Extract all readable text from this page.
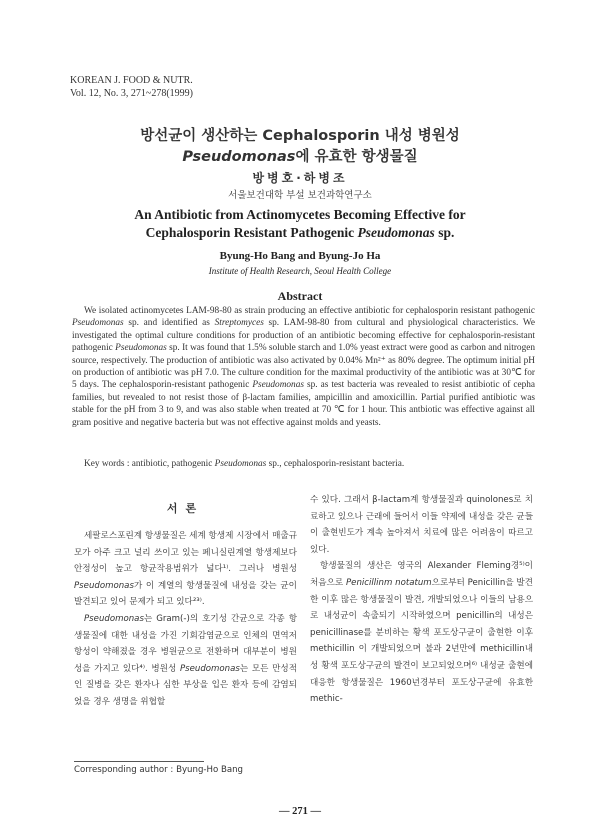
KOREAN J. FOOD & NUTR.
Vol. 12, No. 3, 271~278(1999)
방선균이 생산하는 Cephalosporin 내성 병원성
Pseudomonas에 유효한 항생물질
방병호·하병조
서울보건대학 부설 보건과학연구소
An Antibiotic from Actinomycetes Becoming Effective for
Cephalosporin Resistant Pathogenic Pseudomonas sp.
Byung-Ho Bang and Byung-Jo Ha
Institute of Health Research, Seoul Health College
Abstract

We isolated actinomycetes LAM-98-80 as strain producing an effective antibiotic for cephalosporin resistant pathogenic Pseudomonas sp. and identified as Streptomyces sp. LAM-98-80 from cultural and physiological characteristics. We investigated the optimal culture conditions for production of an antibiotic becoming effective for cephalosporin-resistant pathogenic Pseudomonas sp. It was found that 1.5% soluble starch and 1.0% yeast extract were good as carbon and nitrogen source, respectively. The production of antibiotic was also activated by 0.04% Mn²⁺ as 80% degree. The optimum initial pH on production of antibiotic was pH 7.0. The culture condition for the maximal productivity of the antibiotic was at 30℃ for 5 days. The cephalosporin-resistant pathogenic Pseudomonas sp. as test bacteria was revealed to resist antibiotic of cepha families, but revealed to not resist those of β-lactam families, ampicillin and amoxicillin. Partial purified antibiotic was stable for the pH from 3 to 9, and was also stable when treated at 70 ℃ for 1 hour. This antbiotic was effective against all gram positive and negative bacteria but was not effective against molds and yeasts.

Key words : antibiotic, pathogenic Pseudomonas sp., cephalosporin-resistant bacteria.
서론

세팔로스포린계 항생물질은 세계 항생제 시장에서 매출규모가 아주 크고 널리 쓰이고 있는 페니실린계열 항생제보다 안정성이 높고 항균작용범위가 넓다¹⁾. 그러나 병원성 Pseudomonas가 이 계열의 항생물질에 내성을 갖는 균이 발견되고 있어 문제가 되고 있다²³⁾.

Pseudomonas는 Gram(-)의 호기성 간균으로 각종 항생물질에 대한 내성을 가진 기회감염균으로 인체의 면역저항성이 약해졌을 경우 병원균으로 전환하며 대부분이 병원성을 가지고 있다⁴⁾. 병원성 Pseudomonas는 모든 만성적인 질병을 갖은 환자나 심한 부상을 입은 환자 등에 감염되었을 경우 생명을 위협할

수 있다. 그래서 β-lactam계 항생물질과 quinolones로 치료하고 있으나 근래에 들어서 이들 약제에 내성을 갖은 균들이 출현빈도가 계속 높아져서 치료에 많은 어려움이 따르고 있다.

항생물질의 생산은 영국의 Alexander Fleming경⁵⁾이 처음으로 Penicillinm notatum으로부터 Penicillin을 발견한 이후 많은 항생물질이 발견, 개발되었으나 이들의 남용으로 내성균이 속출되기 시작하였으며 penicillin의 내성은 penicillinase를 분비하는 황색 포도상구균이 출현한 이후 methicillin 이 개발되었으며 불과 2년만에 methicillin내성 황색 포도상구균의 발견이 보고되었으며⁶⁾ 내성균 출현에 대응한 항생물질은 1960년경부터 포도상구균에 유효한 methic-

Corresponding author : Byung-Ho Bang
— 271 —
